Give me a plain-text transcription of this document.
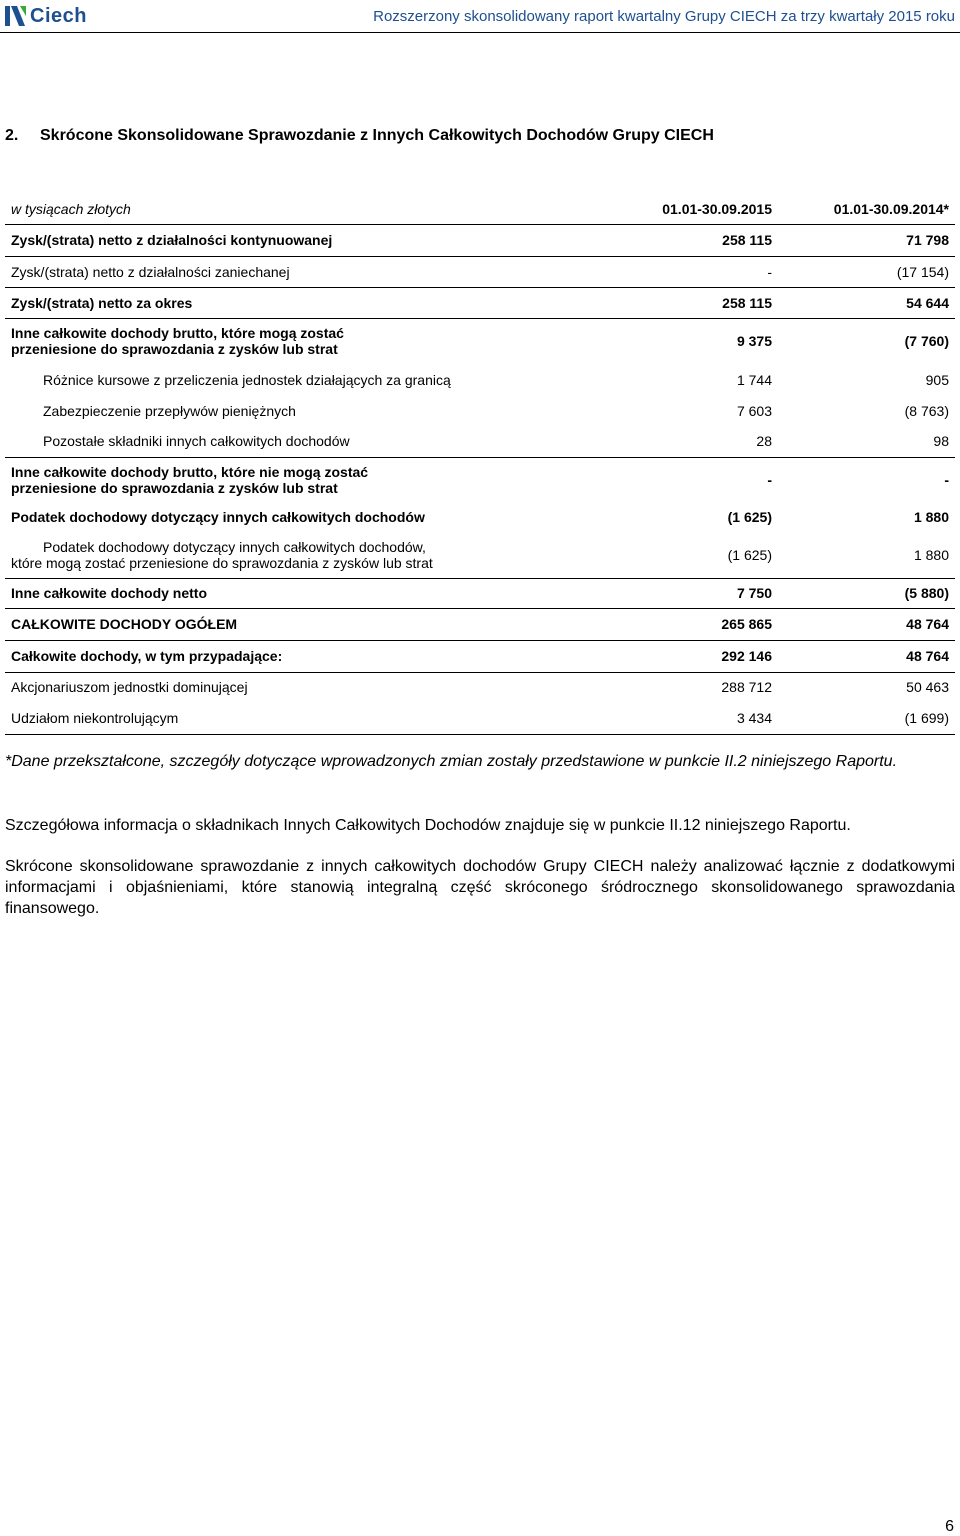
Ciech	Rozszerzony skonsolidowany raport kwartalny Grupy CIECH za trzy kwartały 2015 roku
2. Skrócone Skonsolidowane Sprawozdanie z Innych Całkowitych Dochodów Grupy CIECH
w tysiącach złotych	01.01-30.09.2015	01.01-30.09.2014*
Zysk/(strata) netto z działalności kontynuowanej	258 115	71 798
Zysk/(strata) netto z działalności zaniechanej	-	(17 154)
Zysk/(strata) netto za okres	258 115	54 644
Inne całkowite dochody brutto, które mogą zostać przeniesione do sprawozdania z zysków lub strat	9 375	(7 760)
Różnice kursowe z przeliczenia jednostek działających za granicą	1 744	905
Zabezpieczenie przepływów pieniężnych	7 603	(8 763)
Pozostałe składniki innych całkowitych dochodów	28	98
Inne całkowite dochody brutto, które nie mogą zostać przeniesione do sprawozdania z zysków lub strat	-	-
Podatek dochodowy dotyczący innych całkowitych dochodów	(1 625)	1 880
Podatek dochodowy dotyczący innych całkowitych dochodów, które mogą zostać przeniesione do sprawozdania z zysków lub strat	(1 625)	1 880
Inne całkowite dochody netto	7 750	(5 880)
CAŁKOWITE DOCHODY OGÓŁEM	265 865	48 764
Całkowite dochody, w tym przypadające:	292 146	48 764
Akcjonariuszom jednostki dominującej	288 712	50 463
Udziałom niekontrolującym	3 434	(1 699)
*Dane przekształcone, szczegóły dotyczące wprowadzonych zmian zostały przedstawione w punkcie II.2 niniejszego Raportu.
Szczegółowa informacja o składnikach Innych Całkowitych Dochodów znajduje się w punkcie II.12 niniejszego Raportu.
Skrócone skonsolidowane sprawozdanie z innych całkowitych dochodów Grupy CIECH należy analizować łącznie z dodatkowymi informacjami i objaśnieniami, które stanowią integralną część skróconego śródrocznego skonsolidowanego sprawozdania finansowego.
6
